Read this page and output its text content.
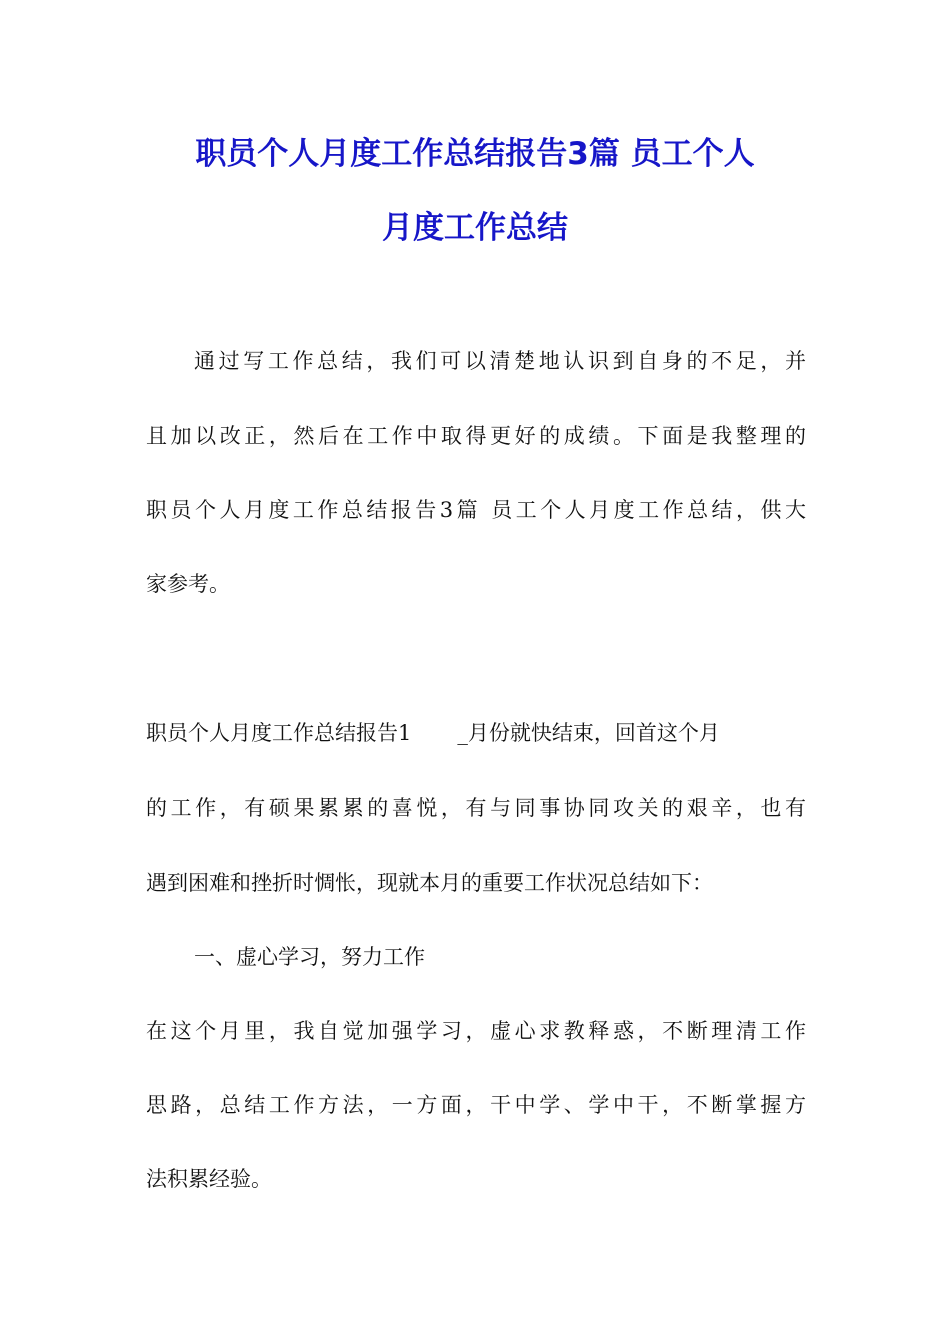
职员个人月度工作总结报告3篇 员工个人
月度工作总结
通过写工作总结，我们可以清楚地认识到自身的不足，并
且加以改正，然后在工作中取得更好的成绩。下面是我整理的
职员个人月度工作总结报告3篇 员工个人月度工作总结，供大
家参考。
职员个人月度工作总结报告1 _月份就快结束，回首这个月
的工作，有硕果累累的喜悦，有与同事协同攻关的艰辛，也有
遇到困难和挫折时惆怅，现就本月的重要工作状况总结如下：
一、虚心学习，努力工作
在这个月里，我自觉加强学习，虚心求教释惑，不断理清工作
思路，总结工作方法，一方面，干中学、学中干，不断掌握方
法积累经验。
